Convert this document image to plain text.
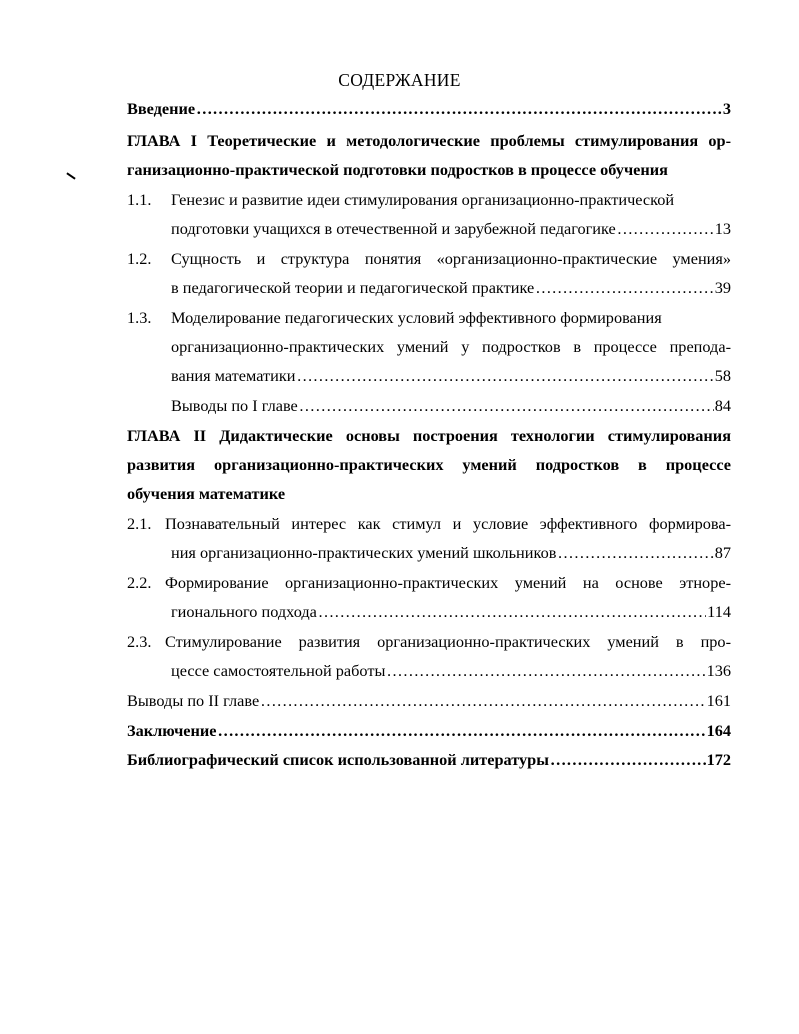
СОДЕРЖАНИЕ
Введение ………………………………………………………………………………………………………………………………………………	3
ГЛАВА I Теоретические и методологические проблемы стимулирования ор-
ганизационно-практической подготовки подростков в процессе обучения
1.1. Генезис и развитие идеи стимулирования организационно-практической
подготовки учащихся в отечественной и зарубежной педагогике ………………………………………………………………………………………………………………………………………………	13
1.2. Сущность и структура понятия «организационно-практические умения»
в педагогической теории и педагогической практике ………………………………………………………………………………………………………………………………………………	39
1.3. Моделирование педагогических условий эффективного формирования
организационно-практических умений у подростков в процессе препода-
вания математики ………………………………………………………………………………………………………………………………………………	58
Выводы по I главе ………………………………………………………………………………………………………………………………………………	84
ГЛАВА II Дидактические основы построения технологии стимулирования
развития организационно-практических умений подростков в процессе
обучения математике
2.1. Познавательный интерес как стимул и условие эффективного формирова-
ния организационно-практических умений школьников ………………………………………………………………………………………………………………………………………………	87
2.2. Формирование организационно-практических умений на основе этноре-
гионального подхода ………………………………………………………………………………………………………………………………………………	114
2.3. Стимулирование развития организационно-практических умений в про-
цессе самостоятельной работы ………………………………………………………………………………………………………………………………………………	136
Выводы по II главе ………………………………………………………………………………………………………………………………………………	161
Заключение ………………………………………………………………………………………………………………………………………………	164
Библиографический список использованной литературы ………………………………………………………………………………………………………………………………………………	172
